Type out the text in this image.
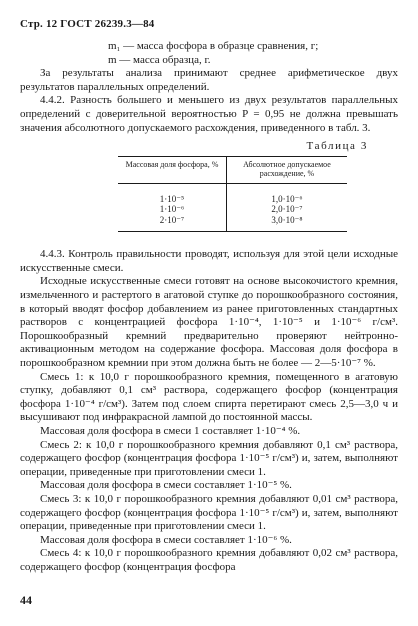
Стр. 12 ГОСТ 26239.3—84

m₁ — масса фосфора в образце сравнения, г;

m — масса образца, г.

За результаты анализа принимают среднее арифметическое двух результатов параллельных определений.

4.4.2. Разность большего и меньшего из двух результатов параллельных определений с доверительной вероятностью P = 0,95 не должна превышать значения абсолютного допускаемого расхождения, приведенного в табл. 3.

Таблица 3
Массовая доля фосфора, %	Абсолютное допускаемое расхождение, %
1·10⁻⁵	1,0·10⁻⁶
1·10⁻⁶	2,0·10⁻⁷
2·10⁻⁷	3,0·10⁻⁸

4.4.3. Контроль правильности проводят, используя для этой цели исходные искусственные смеси.

Исходные искусственные смеси готовят на основе высокочистого кремния, измельченного и растертого в агатовой ступке до порошкообразного состояния, в который вводят фосфор добавлением из ранее приготовленных стандартных растворов с концентрацией фосфора 1·10⁻⁴, 1·10⁻⁵ и 1·10⁻⁶ г/см³. Порошкообразный кремний предварительно проверяют нейтронно-активационным методом на содержание фосфора. Массовая доля фосфора в порошкообразном кремнии при этом должна быть не более — 2—5·10⁻⁷ %.

Смесь 1: к 10,0 г порошкообразного кремния, помещенного в агатовую ступку, добавляют 0,1 см³ раствора, содержащего фосфор (концентрация фосфора 1·10⁻⁴ г/см³). Затем под слоем спирта перетирают смесь 2,5—3,0 ч и высушивают под инфракрасной лампой до постоянной массы.

Массовая доля фосфора в смеси 1 составляет 1·10⁻⁴ %.

Смесь 2: к 10,0 г порошкообразного кремния добавляют 0,1 см³ раствора, содержащего фосфор (концентрация фосфора 1·10⁻⁵ г/см³) и, затем, выполняют операции, приведенные при приготовлении смеси 1.

Массовая доля фосфора в смеси составляет 1·10⁻⁵ %.

Смесь 3: к 10,0 г порошкообразного кремния добавляют 0,01 см³ раствора, содержащего фосфор (концентрация фосфора 1·10⁻⁵ г/см³) и, затем, выполняют операции, приведенные при приготовлении смеси 1.

Массовая доля фосфора в смеси составляет 1·10⁻⁶ %.

Смесь 4: к 10,0 г порошкообразного кремния добавляют 0,02 см³ раствора, содержащего фосфор (концентрация фосфора

44
